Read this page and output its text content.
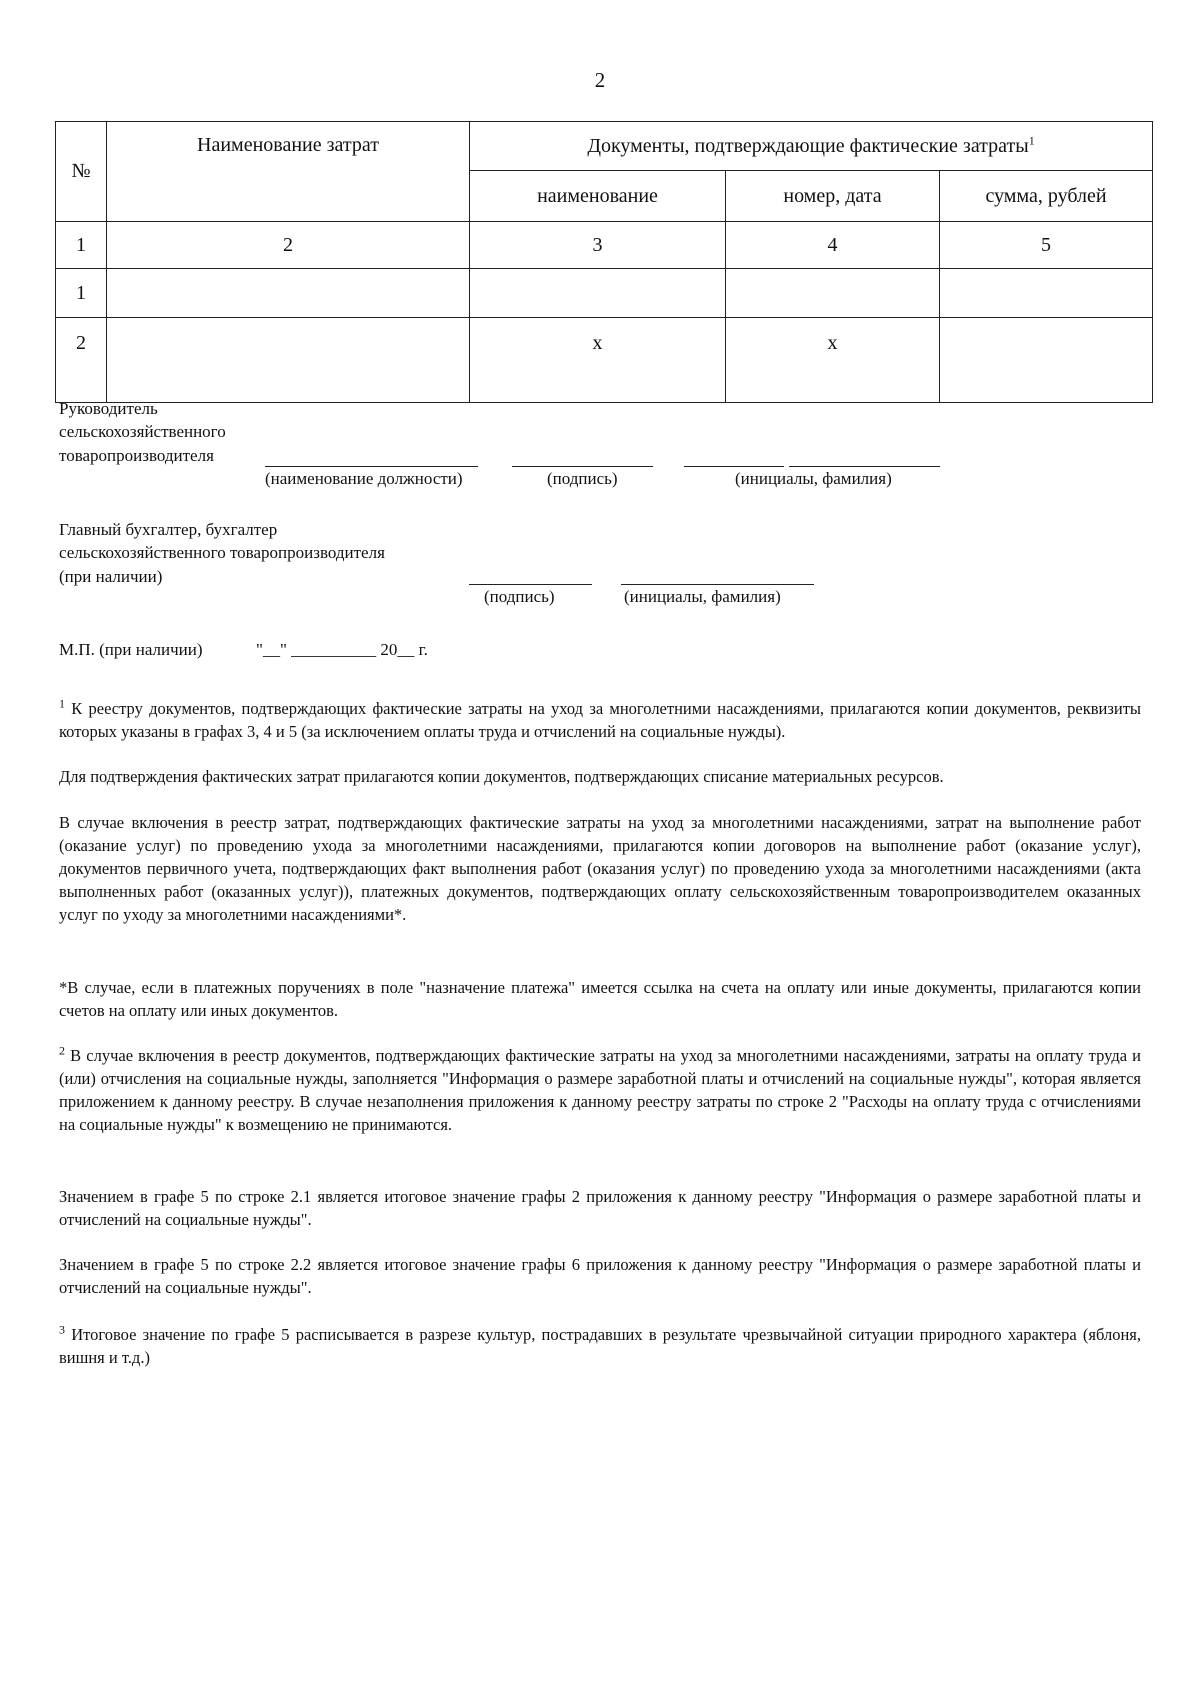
2
№	Наименование затрат	Документы, подтверждающие фактические затраты$^1$
		наименование	номер, дата	сумма, рублей
1	2	3	4	5
1				
2		x	x	
Руководитель
сельскохозяйственного
товаропроизводителя
(наименование должности)	(подпись)	(инициалы, фамилия)
Главный бухгалтер, бухгалтер
сельскохозяйственного товаропроизводителя
(при наличии)
(подпись)	(инициалы, фамилия)
М.П. (при наличии)	"__" __________ 20__ г.
$^1$ К реестру документов, подтверждающих фактические затраты на уход за многолетними насаждениями, прилагаются копии документов, реквизиты которых указаны в графах 3, 4 и 5 (за исключением оплаты труда и отчислений на социальные нужды).
Для подтверждения фактических затрат прилагаются копии документов, подтверждающих списание материальных ресурсов.
В случае включения в реестр затрат, подтверждающих фактические затраты на уход за многолетними насаждениями, затрат на выполнение работ (оказание услуг) по проведению ухода за многолетними насаждениями, прилагаются копии договоров на выполнение работ (оказание услуг), документов первичного учета, подтверждающих факт выполнения работ (оказания услуг) по проведению ухода за многолетними насаждениями (акта выполненных работ (оказанных услуг)), платежных документов, подтверждающих оплату сельскохозяйственным товаропроизводителем оказанных услуг по уходу за многолетними насаждениями*.
*В случае, если в платежных поручениях в поле "назначение платежа" имеется ссылка на счета на оплату или иные документы, прилагаются копии счетов на оплату или иных документов.
$^2$ В случае включения в реестр документов, подтверждающих фактические затраты на уход за многолетними насаждениями, затраты на оплату труда и (или) отчисления на социальные нужды, заполняется "Информация о размере заработной платы и отчислений на социальные нужды", которая является приложением к данному реестру. В случае незаполнения приложения к данному реестру затраты по строке 2 "Расходы на оплату труда с отчислениями на социальные нужды" к возмещению не принимаются.
Значением в графе 5 по строке 2.1 является итоговое значение графы 2 приложения к данному реестру "Информация о размере заработной платы и отчислений на социальные нужды".
Значением в графе 5 по строке 2.2 является итоговое значение графы 6 приложения к данному реестру "Информация о размере заработной платы и отчислений на социальные нужды".
$^3$ Итоговое значение по графе 5 расписывается в разрезе культур, пострадавших в результате чрезвычайной ситуации природного характера (яблоня, вишня и т.д.)
